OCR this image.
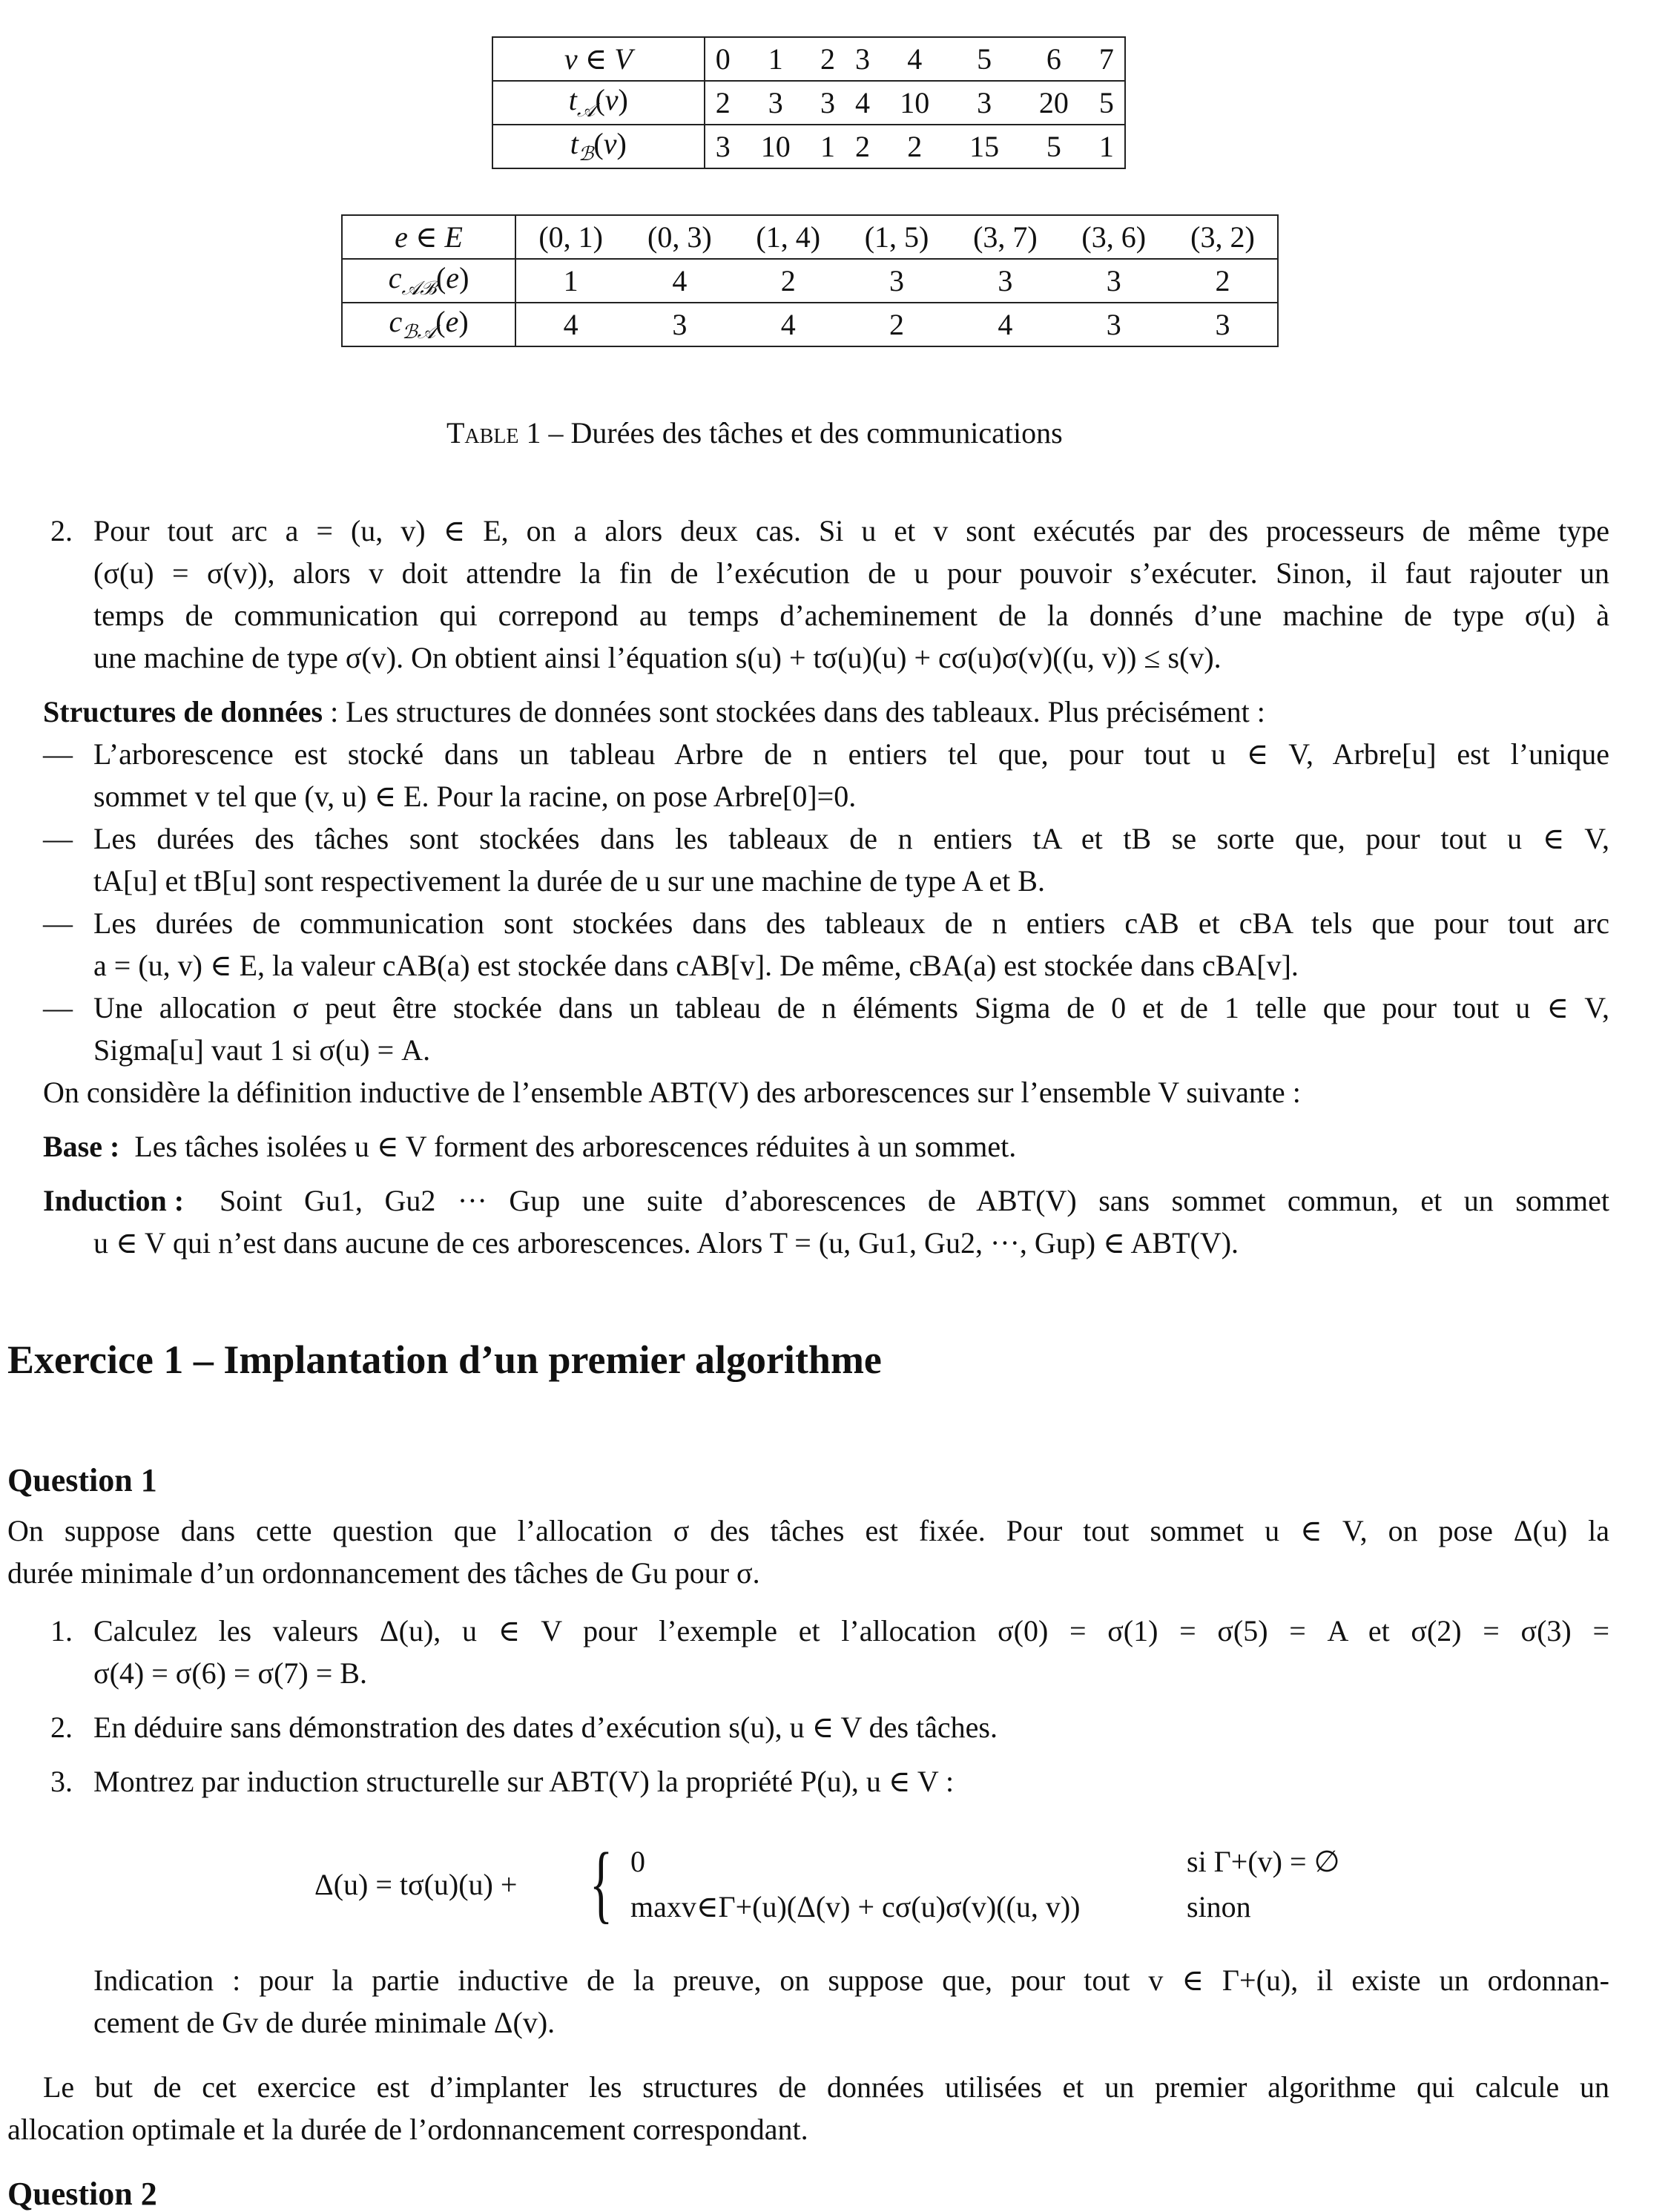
v ∈ V	0	1	2	3	4	5	6	7
$t_𝒜(v)$	2	3	3	4	10	3	20	5
$t_ℬ(v)$	3	10	1	2	2	15	5	1
e ∈ E	(0, 1)	(0, 3)	(1, 4)	(1, 5)	(3, 7)	(3, 6)	(3, 2)
$c_{𝒜ℬ}(e)$	1	4	2	3	3	3	2
$c_{ℬ𝒜}(e)$	4	3	4	2	4	3	3
Table 1 – Durées des tâches et des communications
2. Pour tout arc a = (u, v) ∈ E, on a alors deux cas. Si u et v sont exécutés par des processeurs de même type
(σ(u) = σ(v)), alors v doit attendre la fin de l’exécution de u pour pouvoir s’exécuter. Sinon, il faut rajouter un
temps de communication qui correpond au temps d’acheminement de la donnés d’une machine de type σ(u) à
une machine de type σ(v). On obtient ainsi l’équation s(u) + tσ(u)(u) + cσ(u)σ(v)((u, v)) ≤ s(v).
Structures de données : Les structures de données sont stockées dans des tableaux. Plus précisément :
— L’arborescence est stocké dans un tableau Arbre de n entiers tel que, pour tout u ∈ V, Arbre[u] est l’unique
sommet v tel que (v, u) ∈ E. Pour la racine, on pose Arbre[0]=0.
— Les durées des tâches sont stockées dans les tableaux de n entiers tA et tB se sorte que, pour tout u ∈ V,
tA[u] et tB[u] sont respectivement la durée de u sur une machine de type A et B.
— Les durées de communication sont stockées dans des tableaux de n entiers cAB et cBA tels que pour tout arc
a = (u, v) ∈ E, la valeur cAB(a) est stockée dans cAB[v]. De même, cBA(a) est stockée dans cBA[v].
— Une allocation σ peut être stockée dans un tableau de n éléments Sigma de 0 et de 1 telle que pour tout u ∈ V,
Sigma[u] vaut 1 si σ(u) = A.
On considère la définition inductive de l’ensemble ABT(V) des arborescences sur l’ensemble V suivante :
Base : Les tâches isolées u ∈ V forment des arborescences réduites à un sommet.
Induction : Soint Gu1, Gu2 ··· Gup une suite d’aborescences de ABT(V) sans sommet commun, et un sommet
u ∈ V qui n’est dans aucune de ces arborescences. Alors T = (u, Gu1, Gu2, ···, Gup) ∈ ABT(V).
Exercice 1 – Implantation d’un premier algorithme
Question 1
On suppose dans cette question que l’allocation σ des tâches est fixée. Pour tout sommet u ∈ V, on pose Δ(u) la
durée minimale d’un ordonnancement des tâches de Gu pour σ.
1. Calculez les valeurs Δ(u), u ∈ V pour l’exemple et l’allocation σ(0) = σ(1) = σ(5) = A et σ(2) = σ(3) =
σ(4) = σ(6) = σ(7) = B.
2. En déduire sans démonstration des dates d’exécution s(u), u ∈ V des tâches.
3. Montrez par induction structurelle sur ABT(V) la propriété P(u), u ∈ V :
Δ(u) = tσ(u)(u) + { 0	si Γ+(v) = ∅
maxv∈Γ+(u)(Δ(v) + cσ(u)σ(v)((u, v))	sinon
Indication : pour la partie inductive de la preuve, on suppose que, pour tout v ∈ Γ+(u), il existe un ordonnan-
cement de Gv de durée minimale Δ(v).
Le but de cet exercice est d’implanter les structures de données utilisées et un premier algorithme qui calcule un
allocation optimale et la durée de l’ordonnancement correspondant.
Question 2
